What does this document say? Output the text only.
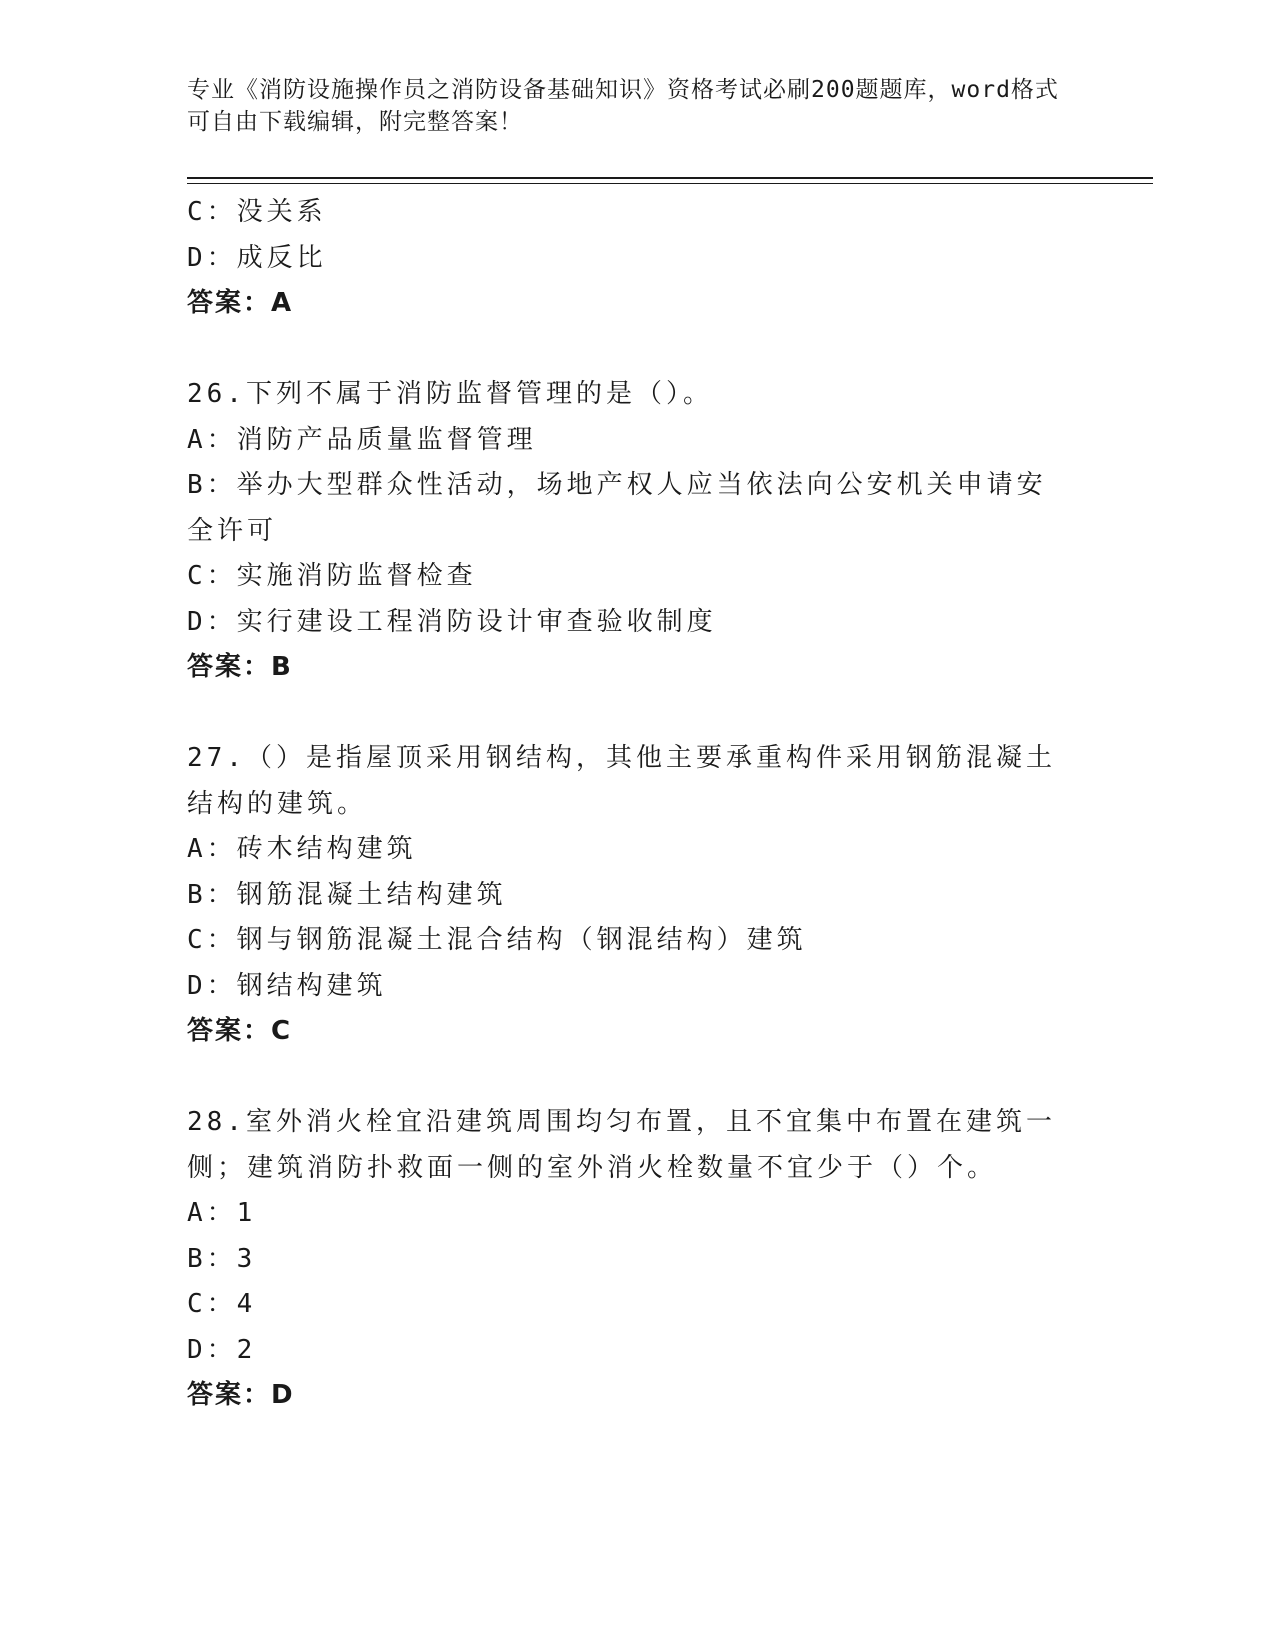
专业《消防设施操作员之消防设备基础知识》资格考试必刷200题题库，word格式可自由下载编辑，附完整答案！
C：没关系
D：成反比
答案：A
26.下列不属于消防监督管理的是（）。
A：消防产品质量监督管理
B：举办大型群众性活动，场地产权人应当依法向公安机关申请安全许可
C：实施消防监督检查
D：实行建设工程消防设计审查验收制度
答案：B
27.（）是指屋顶采用钢结构，其他主要承重构件采用钢筋混凝土结构的建筑。
A：砖木结构建筑
B：钢筋混凝土结构建筑
C：钢与钢筋混凝土混合结构（钢混结构）建筑
D：钢结构建筑
答案：C
28.室外消火栓宜沿建筑周围均匀布置，且不宜集中布置在建筑一侧；建筑消防扑救面一侧的室外消火栓数量不宜少于（）个。
A：1
B：3
C：4
D：2
答案：D
